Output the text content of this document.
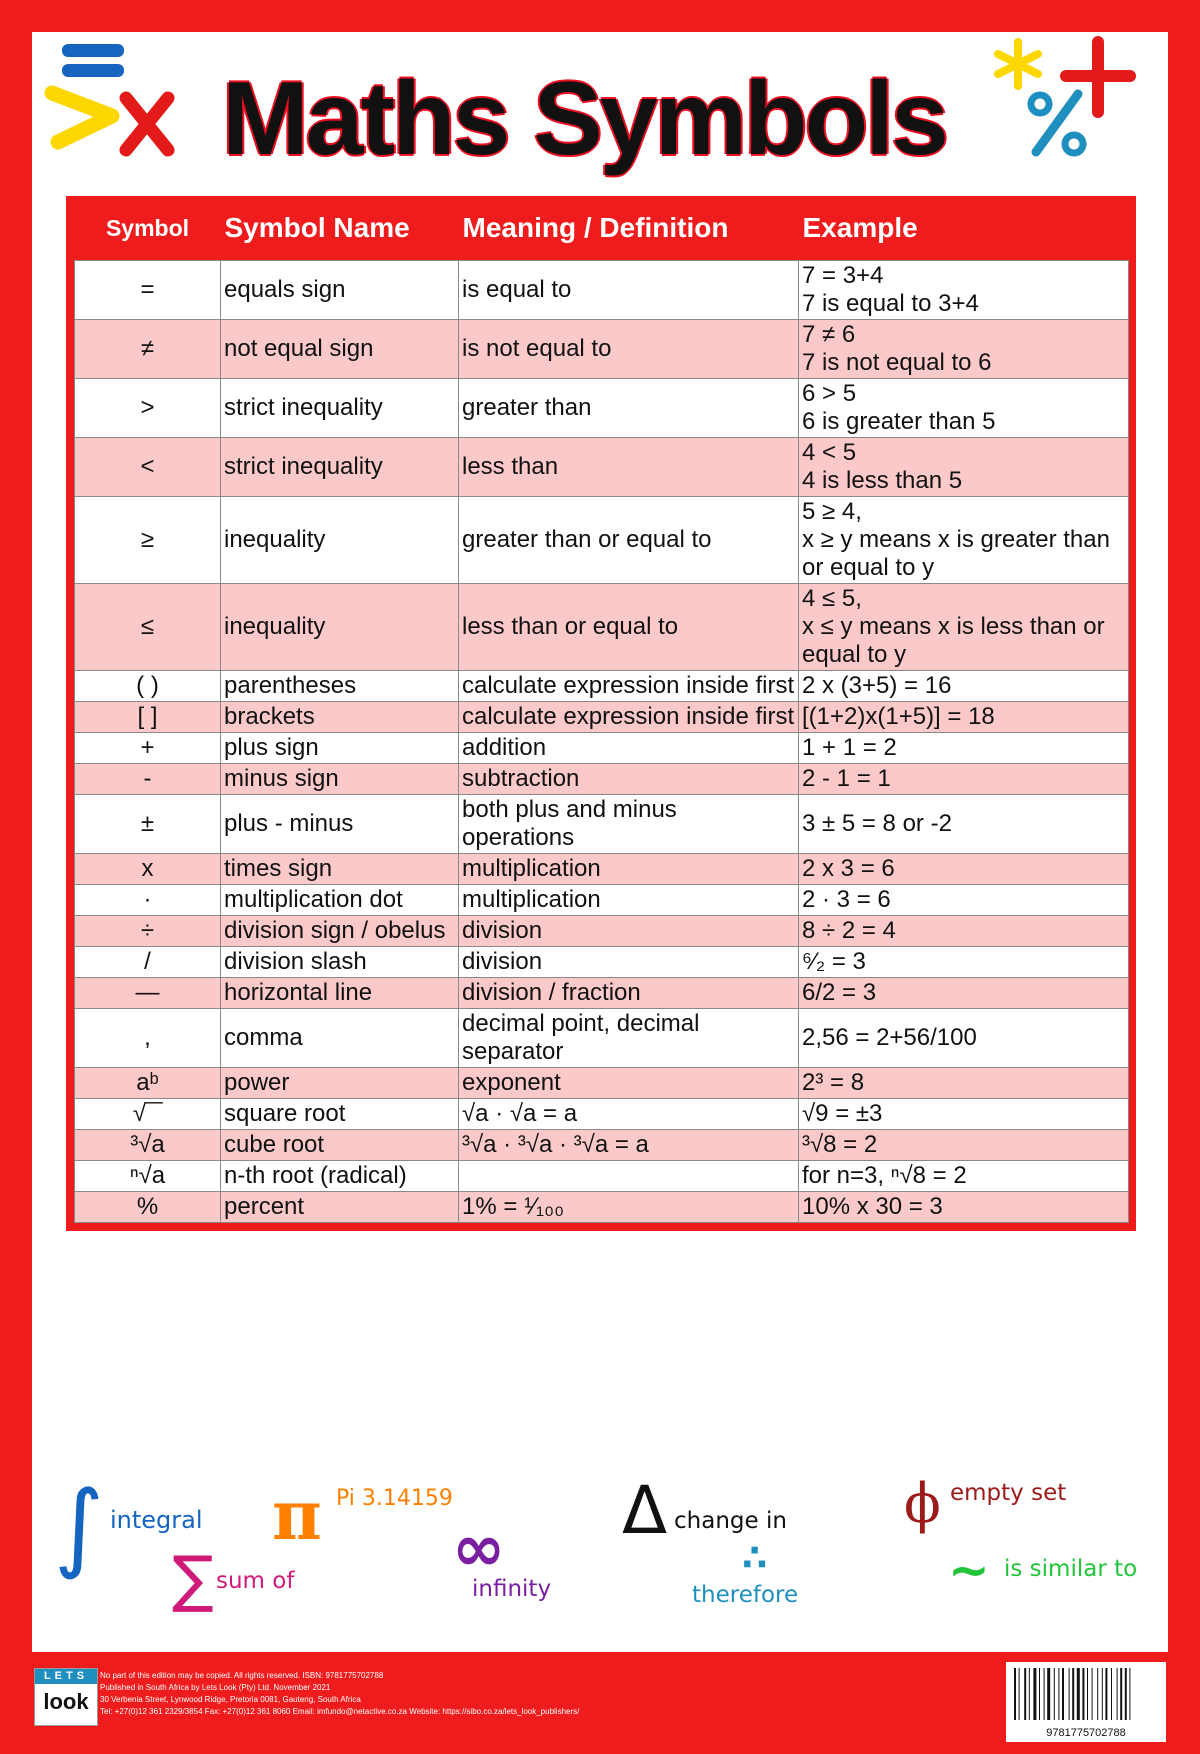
Maths Symbols
Symbol	Symbol Name	Meaning / Definition	Example
=	equals sign	is equal to	7 = 3+4
7 is equal to 3+4
≠	not equal sign	is not equal to	7 ≠ 6
7 is not equal to 6
>	strict inequality	greater than	6 > 5
6 is greater than 5
<	strict inequality	less than	4 < 5
4 is less than 5
≥	inequality	greater than or equal to	5 ≥ 4,
x ≥ y means x is greater than or equal to y
≤	inequality	less than or equal to	4 ≤ 5,
x ≤ y means x is less than or equal to y
( )	parentheses	calculate expression inside first	2 x (3+5) = 16
[ ]	brackets	calculate expression inside first	[(1+2)x(1+5)] = 18
+	plus sign	addition	1 + 1 = 2
-	minus sign	subtraction	2 - 1 = 1
±	plus - minus	both plus and minus operations	3 ± 5 = 8 or -2
x	times sign	multiplication	2 x 3 = 6
·	multiplication dot	multiplication	2 · 3 = 6
÷	division sign / obelus	division	8 ÷ 2 = 4
/	division slash	division	⁶⁄₂ = 3
—	horizontal line	division / fraction	6/2 = 3
,	comma	decimal point, decimal separator	2,56 = 2+56/100
aᵇ	power	exponent	2³ = 8
√‾‾	square root	√a · √a = a	√9 = ±3
³√a	cube root	³√a · ³√a · ³√a = a	³√8 = 2
ⁿ√a	n-th root (radical)		for n=3, ⁿ√8 = 2
%	percent	1% = ¹⁄₁₀₀	10% x 30 = 3
∫ integral π Pi 3.14159	Δ change in ϕ empty set
∑ sum of ∞
infinity
∴
therefore	∼ is similar to
LETS
look
No part of this edition may be copied. All rights reserved. ISBN: 9781775702788
Published in South Africa by Lets Look (Pty) Ltd. November 2021
30 Verbenia Street, Lynwood Ridge, Pretoria 0081, Gauteng, South Africa
Tel: +27(0)12 361 2329/3854 Fax: +27(0)12 361 8060 Email: imfundo@netactive.co.za Website: https://sibo.co.za/lets_look_publishers/
9781775702788
